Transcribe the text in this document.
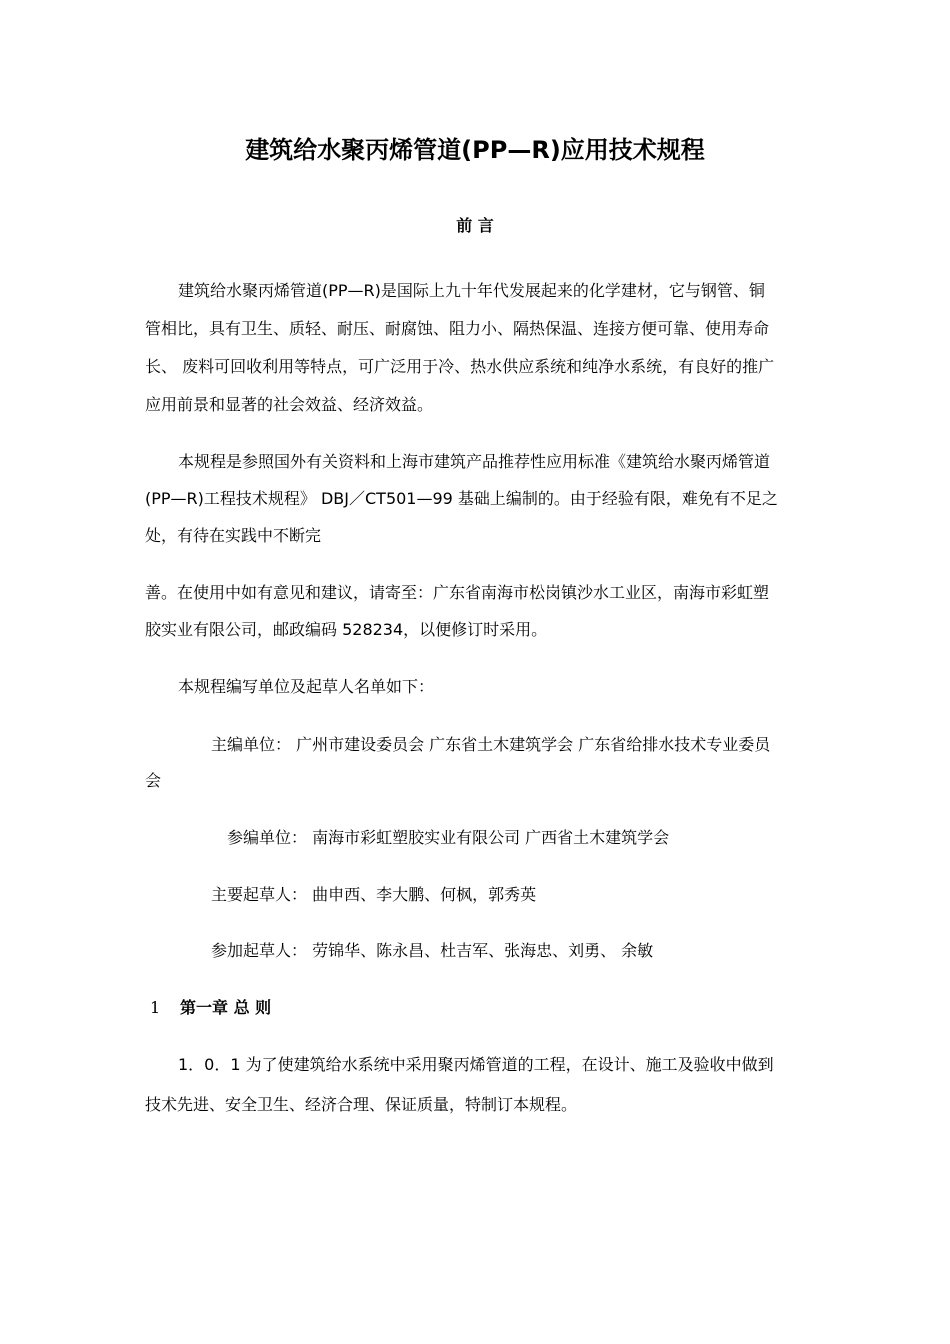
建筑给水聚丙烯管道(PP—R)应用技术规程
前 言
建筑给水聚丙烯管道(PP—R)是国际上九十年代发展起来的化学建材，它与钢管、铜
管相比，具有卫生、质轻、耐压、耐腐蚀、阻力小、隔热保温、连接方便可靠、使用寿命
长、 废料可回收利用等特点，可广泛用于冷、热水供应系统和纯净水系统，有良好的推广
应用前景和显著的社会效益、经济效益。
本规程是参照国外有关资料和上海市建筑产品推荐性应用标准《建筑给水聚丙烯管道
(PP—R)工程技术规程》 DBJ／CT501—99 基础上编制的。由于经验有限，难免有不足之
处，有待在实践中不断完
善。在使用中如有意见和建议，请寄至：广东省南海市松岗镇沙水工业区，南海市彩虹塑
胶实业有限公司，邮政编码 528234，以便修订时采用。
本规程编写单位及起草人名单如下：
主编单位： 广州市建设委员会 广东省土木建筑学会 广东省给排水技术专业委员
会
参编单位： 南海市彩虹塑胶实业有限公司 广西省土木建筑学会
主要起草人： 曲申西、李大鹏、何枫，郭秀英
参加起草人： 劳锦华、陈永昌、杜吉军、张海忠、刘勇、 余敏
1 第一章 总 则
1．0．1 为了使建筑给水系统中采用聚丙烯管道的工程，在设计、施工及验收中做到
技术先进、安全卫生、经济合理、保证质量，特制订本规程。
